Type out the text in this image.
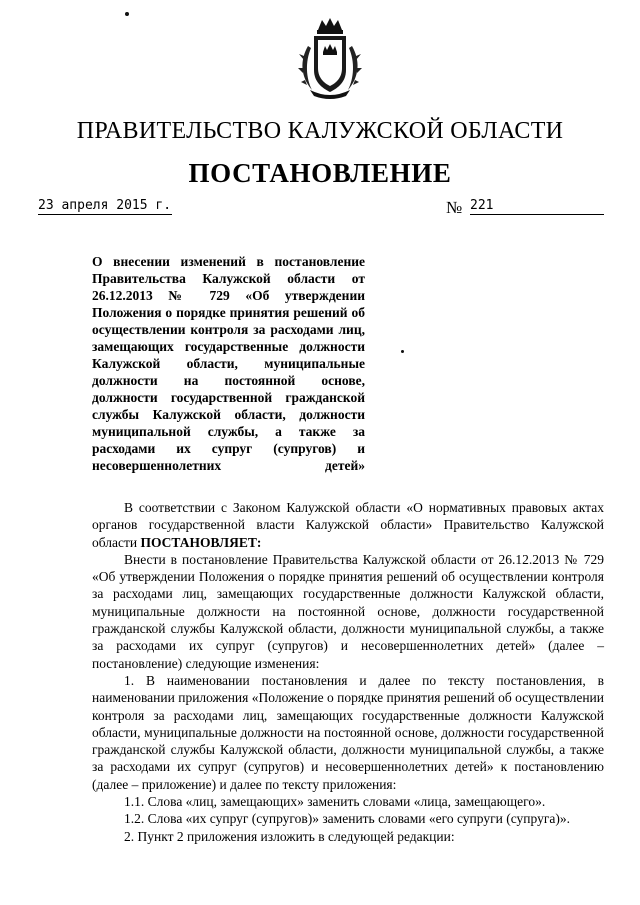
ПРАВИТЕЛЬСТВО КАЛУЖСКОЙ ОБЛАСТИ
ПОСТАНОВЛЕНИЕ
23 апреля 2015 г.	№ 221
О внесении изменений в постановление Правительства Калужской области от 26.12.2013 № 729 «Об утверждении Положения о порядке принятия решений об осуществлении контроля за расходами лиц, замещающих государственные должности Калужской области, муниципальные должности на постоянной основе, должности государственной гражданской службы Калужской области, должности муниципальной службы, а также за расходами их супруг (супругов) и несовершеннолетних детей»

В соответствии с Законом Калужской области «О нормативных правовых актах органов государственной власти Калужской области» Правительство Калужской области ПОСТАНОВЛЯЕТ:

Внести в постановление Правительства Калужской области от 26.12.2013 № 729 «Об утверждении Положения о порядке принятия решений об осуществлении контроля за расходами лиц, замещающих государственные должности Калужской области, муниципальные должности на постоянной основе, должности государственной гражданской службы Калужской области, должности муниципальной службы, а также за расходами их супруг (супругов) и несовершеннолетних детей» (далее – постановление) следующие изменения:

1. В наименовании постановления и далее по тексту постановления, в наименовании приложения «Положение о порядке принятия решений об осуществлении контроля за расходами лиц, замещающих государственные должности Калужской области, муниципальные должности на постоянной основе, должности государственной гражданской службы Калужской области, должности муниципальной службы, а также за расходами их супруг (супругов) и несовершеннолетних детей» к постановлению (далее – приложение) и далее по тексту приложения:

1.1. Слова «лиц, замещающих» заменить словами «лица, замещающего».

1.2. Слова «их супруг (супругов)» заменить словами «его супруги (супруга)».

2. Пункт 2 приложения изложить в следующей редакции:
